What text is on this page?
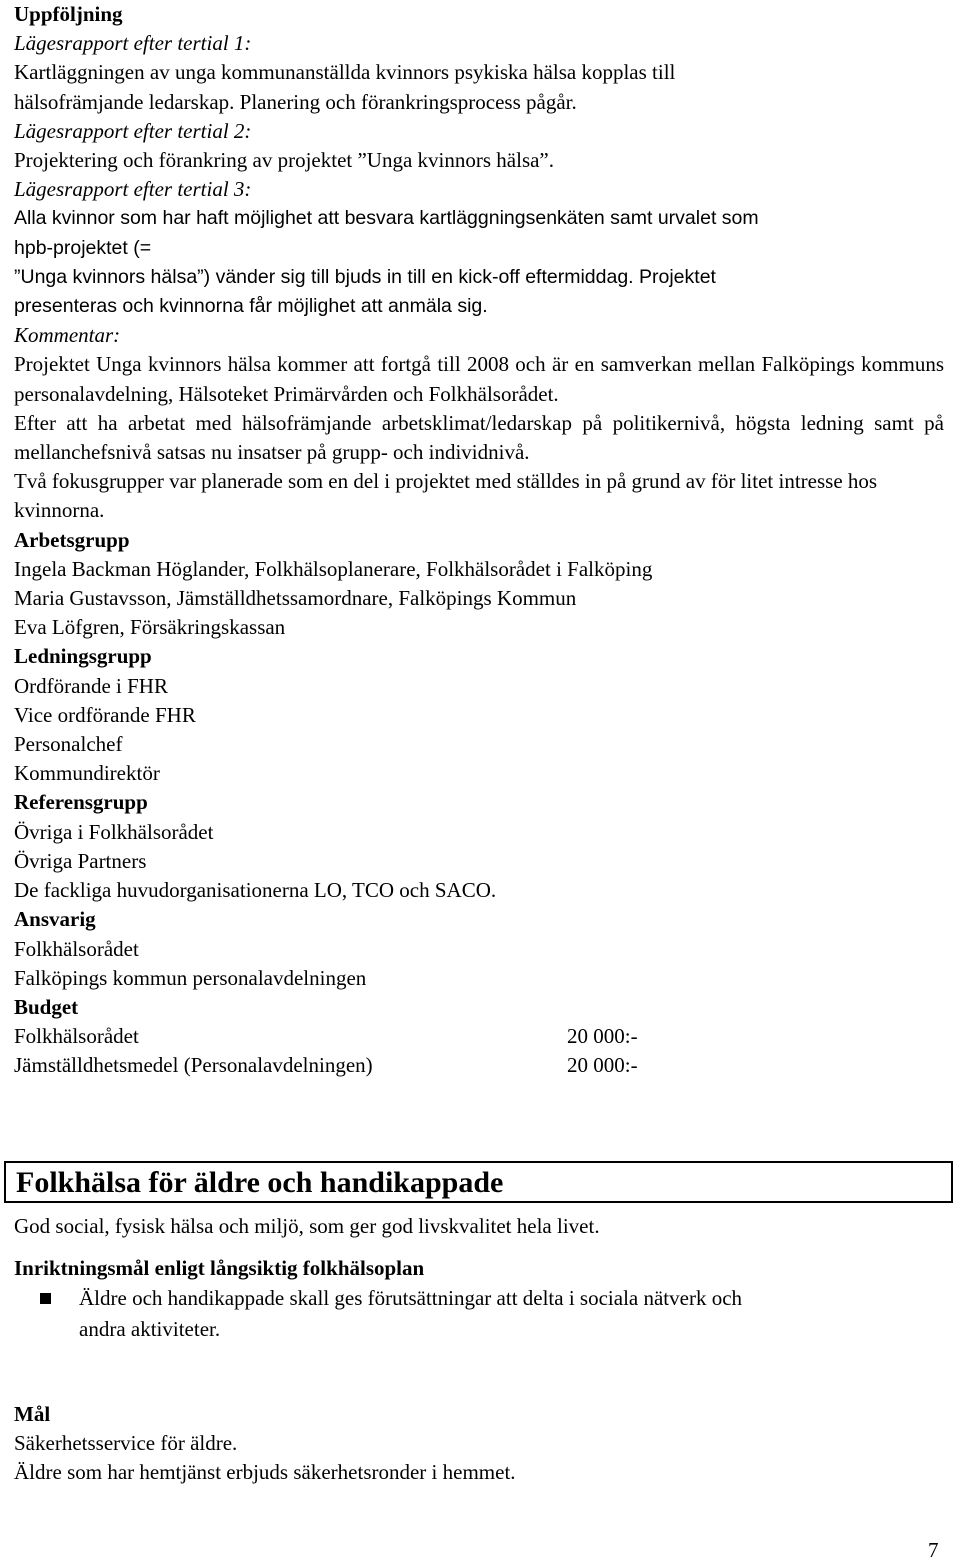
Uppföljning
Lägesrapport efter tertial 1:
Kartläggningen av unga kommunanställda kvinnors psykiska hälsa kopplas till
hälsofrämjande ledarskap. Planering och förankringsprocess pågår.
Lägesrapport efter tertial 2:
Projektering och förankring av projektet ”Unga kvinnors hälsa”.
Lägesrapport efter tertial 3:
Alla kvinnor som har haft möjlighet att besvara kartläggningsenkäten samt urvalet som
hpb-projektet (=
”Unga kvinnors hälsa”) vänder sig till bjuds in till en kick-off eftermiddag. Projektet
presenteras och kvinnorna får möjlighet att anmäla sig.
Kommentar:
Projektet Unga kvinnors hälsa kommer att fortgå till 2008 och är en samverkan mellan Falköpings kommuns personalavdelning, Hälsoteket Primärvården och Folkhälsorådet.
Efter att ha arbetat med hälsofrämjande arbetsklimat/ledarskap på politikernivå, högsta ledning samt på mellanchefsnivå satsas nu insatser på grupp- och individnivå.
Två fokusgrupper var planerade som en del i projektet med ställdes in på grund av för litet intresse hos kvinnorna.
Arbetsgrupp
Ingela Backman Höglander, Folkhälsoplanerare, Folkhälsorådet i Falköping
Maria Gustavsson, Jämställdhetssamordnare, Falköpings Kommun
Eva Löfgren, Försäkringskassan
Ledningsgrupp
Ordförande i FHR
Vice ordförande FHR
Personalchef
Kommundirektör
Referensgrupp
Övriga i Folkhälsorådet
Övriga Partners
De fackliga huvudorganisationerna LO, TCO och SACO.
Ansvarig
Folkhälsorådet
Falköpings kommun personalavdelningen
Budget
Folkhälsorådet	20 000:-
Jämställdhetsmedel (Personalavdelningen)	20 000:-
Folkhälsa för äldre och handikappade
God social, fysisk hälsa och miljö, som ger god livskvalitet hela livet.
Inriktningsmål enligt långsiktig folkhälsoplan
Äldre och handikappade skall ges förutsättningar att delta i sociala nätverk och
andra aktiviteter.
Mål
Säkerhetsservice för äldre.
Äldre som har hemtjänst erbjuds säkerhetsronder i hemmet.
7
